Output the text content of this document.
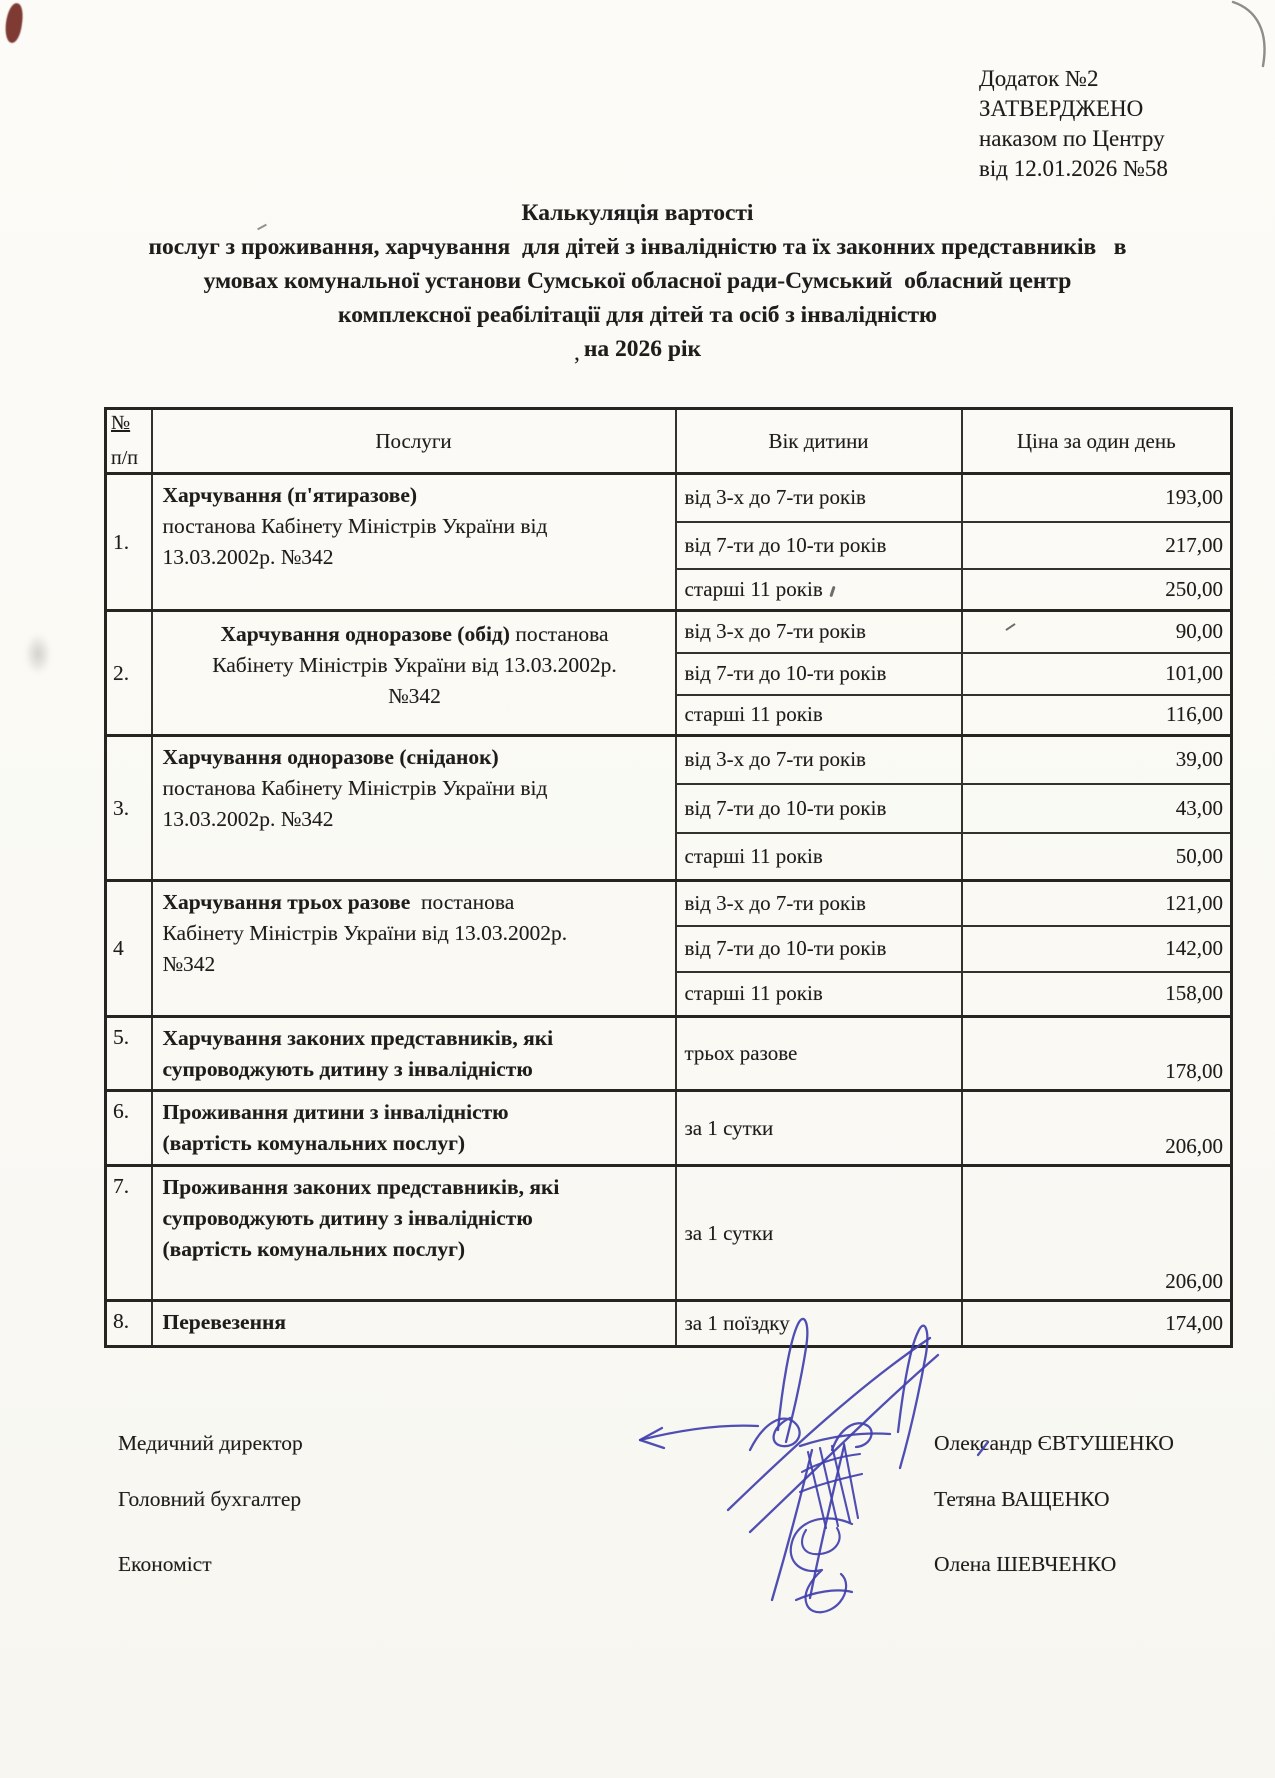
Додаток №2
ЗАТВЕРДЖЕНО
наказом по Центру
від 12.01.2026 №58
Калькуляція вартості
послуг з проживання, харчування  для дітей з інвалідністю та їх законних представників   в
умовах комунальної установи Сумської обласної ради-Сумський  обласний центр
комплексної реабілітації для дітей та осіб з інвалідністю
, на 2026 рік
№
п/п	Послуги	Вік дитини	Ціна за один день
1.	Харчування (п'ятиразове)
постанова Кабінету Міністрів України від
13.03.2002р. №342	від 3-х до 7-ти років	193,00
		від 7-ти до 10-ти років	217,00
		старші 11 років	250,00
2.	Харчування одноразове (обід) постанова
Кабінету Міністрів України від 13.03.2002р.
№342	від 3-х до 7-ти років	90,00
		від 7-ти до 10-ти років	101,00
		старші 11 років	116,00
3.	Харчування одноразове (сніданок)
постанова Кабінету Міністрів України від
13.03.2002р. №342	від 3-х до 7-ти років	39,00
		від 7-ти до 10-ти років	43,00
		старші 11 років	50,00
4	Харчування трьох разове  постанова
Кабінету Міністрів України від 13.03.2002р.
№342	від 3-х до 7-ти років	121,00
		від 7-ти до 10-ти років	142,00
		старші 11 років	158,00
5.	Харчування законих представників, які
супроводжують дитину з інвалідністю	трьох разове	178,00
6.	Проживання дитини з інвалідністю
(вартість комунальних послуг)	за 1 сутки	206,00
7.	Проживання законих представників, які
супроводжують дитину з інвалідністю
(вартість комунальних послуг)	за 1 сутки	206,00
8.	Перевезення	за 1 поїздку	174,00
Медичний директор	Олександр ЄВТУШЕНКО
Головний бухгалтер	Тетяна ВАЩЕНКО
Економіст	Олена ШЕВЧЕНКО
